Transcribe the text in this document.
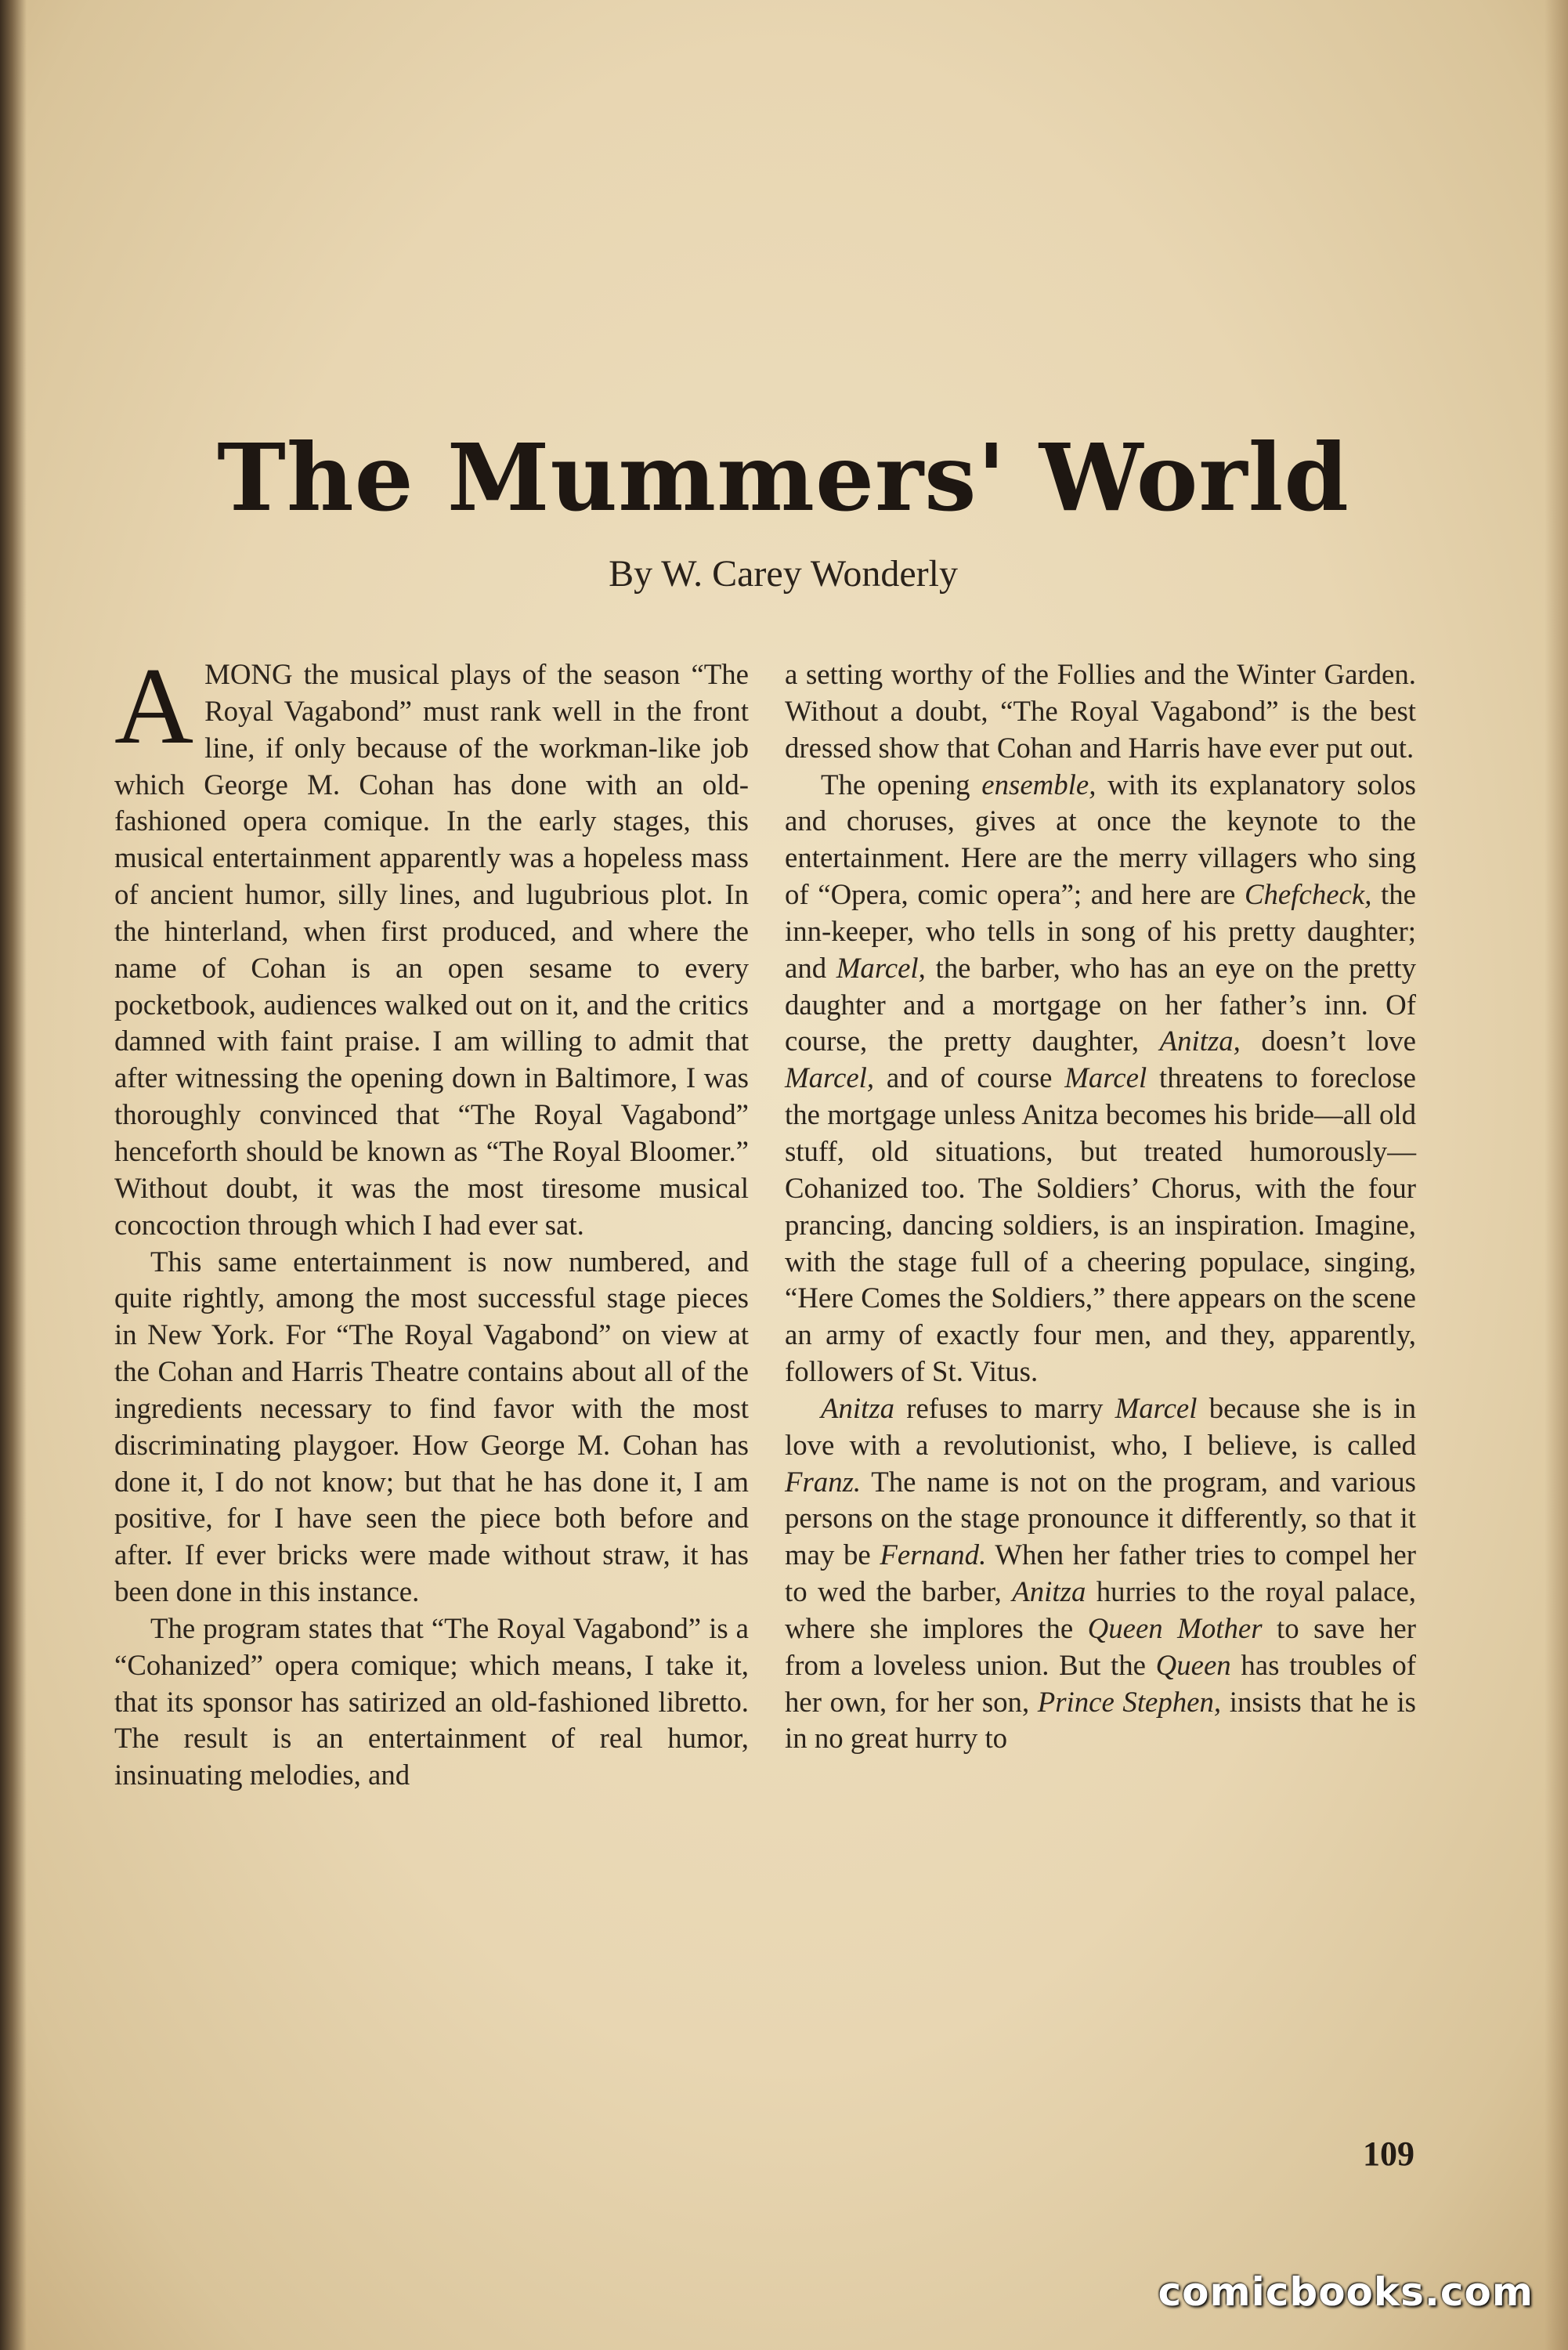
The Mummers' World
By W. Carey Wonderly

AMONG the musical plays of the season “The Royal Vagabond” must rank well in the front line, if only because of the workman-like job which George M. Cohan has done with an old-fashioned opera comique. In the early stages, this musical entertainment apparently was a hopeless mass of ancient humor, silly lines, and lugubrious plot. In the hinterland, when first produced, and where the name of Cohan is an open sesame to every pocketbook, audiences walked out on it, and the critics damned with faint praise. I am willing to admit that after witnessing the opening down in Baltimore, I was thoroughly convinced that “The Royal Vagabond” henceforth should be known as “The Royal Bloomer.” Without doubt, it was the most tiresome musical concoction through which I had ever sat.

This same entertainment is now numbered, and quite rightly, among the most successful stage pieces in New York. For “The Royal Vagabond” on view at the Cohan and Harris Theatre contains about all of the ingredients necessary to find favor with the most discriminating playgoer. How George M. Cohan has done it, I do not know; but that he has done it, I am positive, for I have seen the piece both before and after. If ever bricks were made without straw, it has been done in this instance.

The program states that “The Royal Vagabond” is a “Cohanized” opera comique; which means, I take it, that its sponsor has satirized an old-fashioned libretto. The result is an entertainment of real humor, insinuating melodies, and

a setting worthy of the Follies and the Winter Garden. Without a doubt, “The Royal Vagabond” is the best dressed show that Cohan and Harris have ever put out.

The opening ensemble, with its explanatory solos and choruses, gives at once the keynote to the entertainment. Here are the merry villagers who sing of “Opera, comic opera”; and here are Chefcheck, the inn-keeper, who tells in song of his pretty daughter; and Marcel, the barber, who has an eye on the pretty daughter and a mortgage on her father’s inn. Of course, the pretty daughter, Anitza, doesn’t love Marcel, and of course Marcel threatens to foreclose the mortgage unless Anitza becomes his bride—all old stuff, old situations, but treated humorously—Cohanized too. The Soldiers’ Chorus, with the four prancing, dancing soldiers, is an inspiration. Imagine, with the stage full of a cheering populace, singing, “Here Comes the Soldiers,” there appears on the scene an army of exactly four men, and they, apparently, followers of St. Vitus.

Anitza refuses to marry Marcel because she is in love with a revolutionist, who, I believe, is called Franz. The name is not on the program, and various persons on the stage pronounce it differently, so that it may be Fernand. When her father tries to compel her to wed the barber, Anitza hurries to the royal palace, where she implores the Queen Mother to save her from a loveless union. But the Queen has troubles of her own, for her son, Prince Stephen, insists that he is in no great hurry to

109
comicbooks.com
